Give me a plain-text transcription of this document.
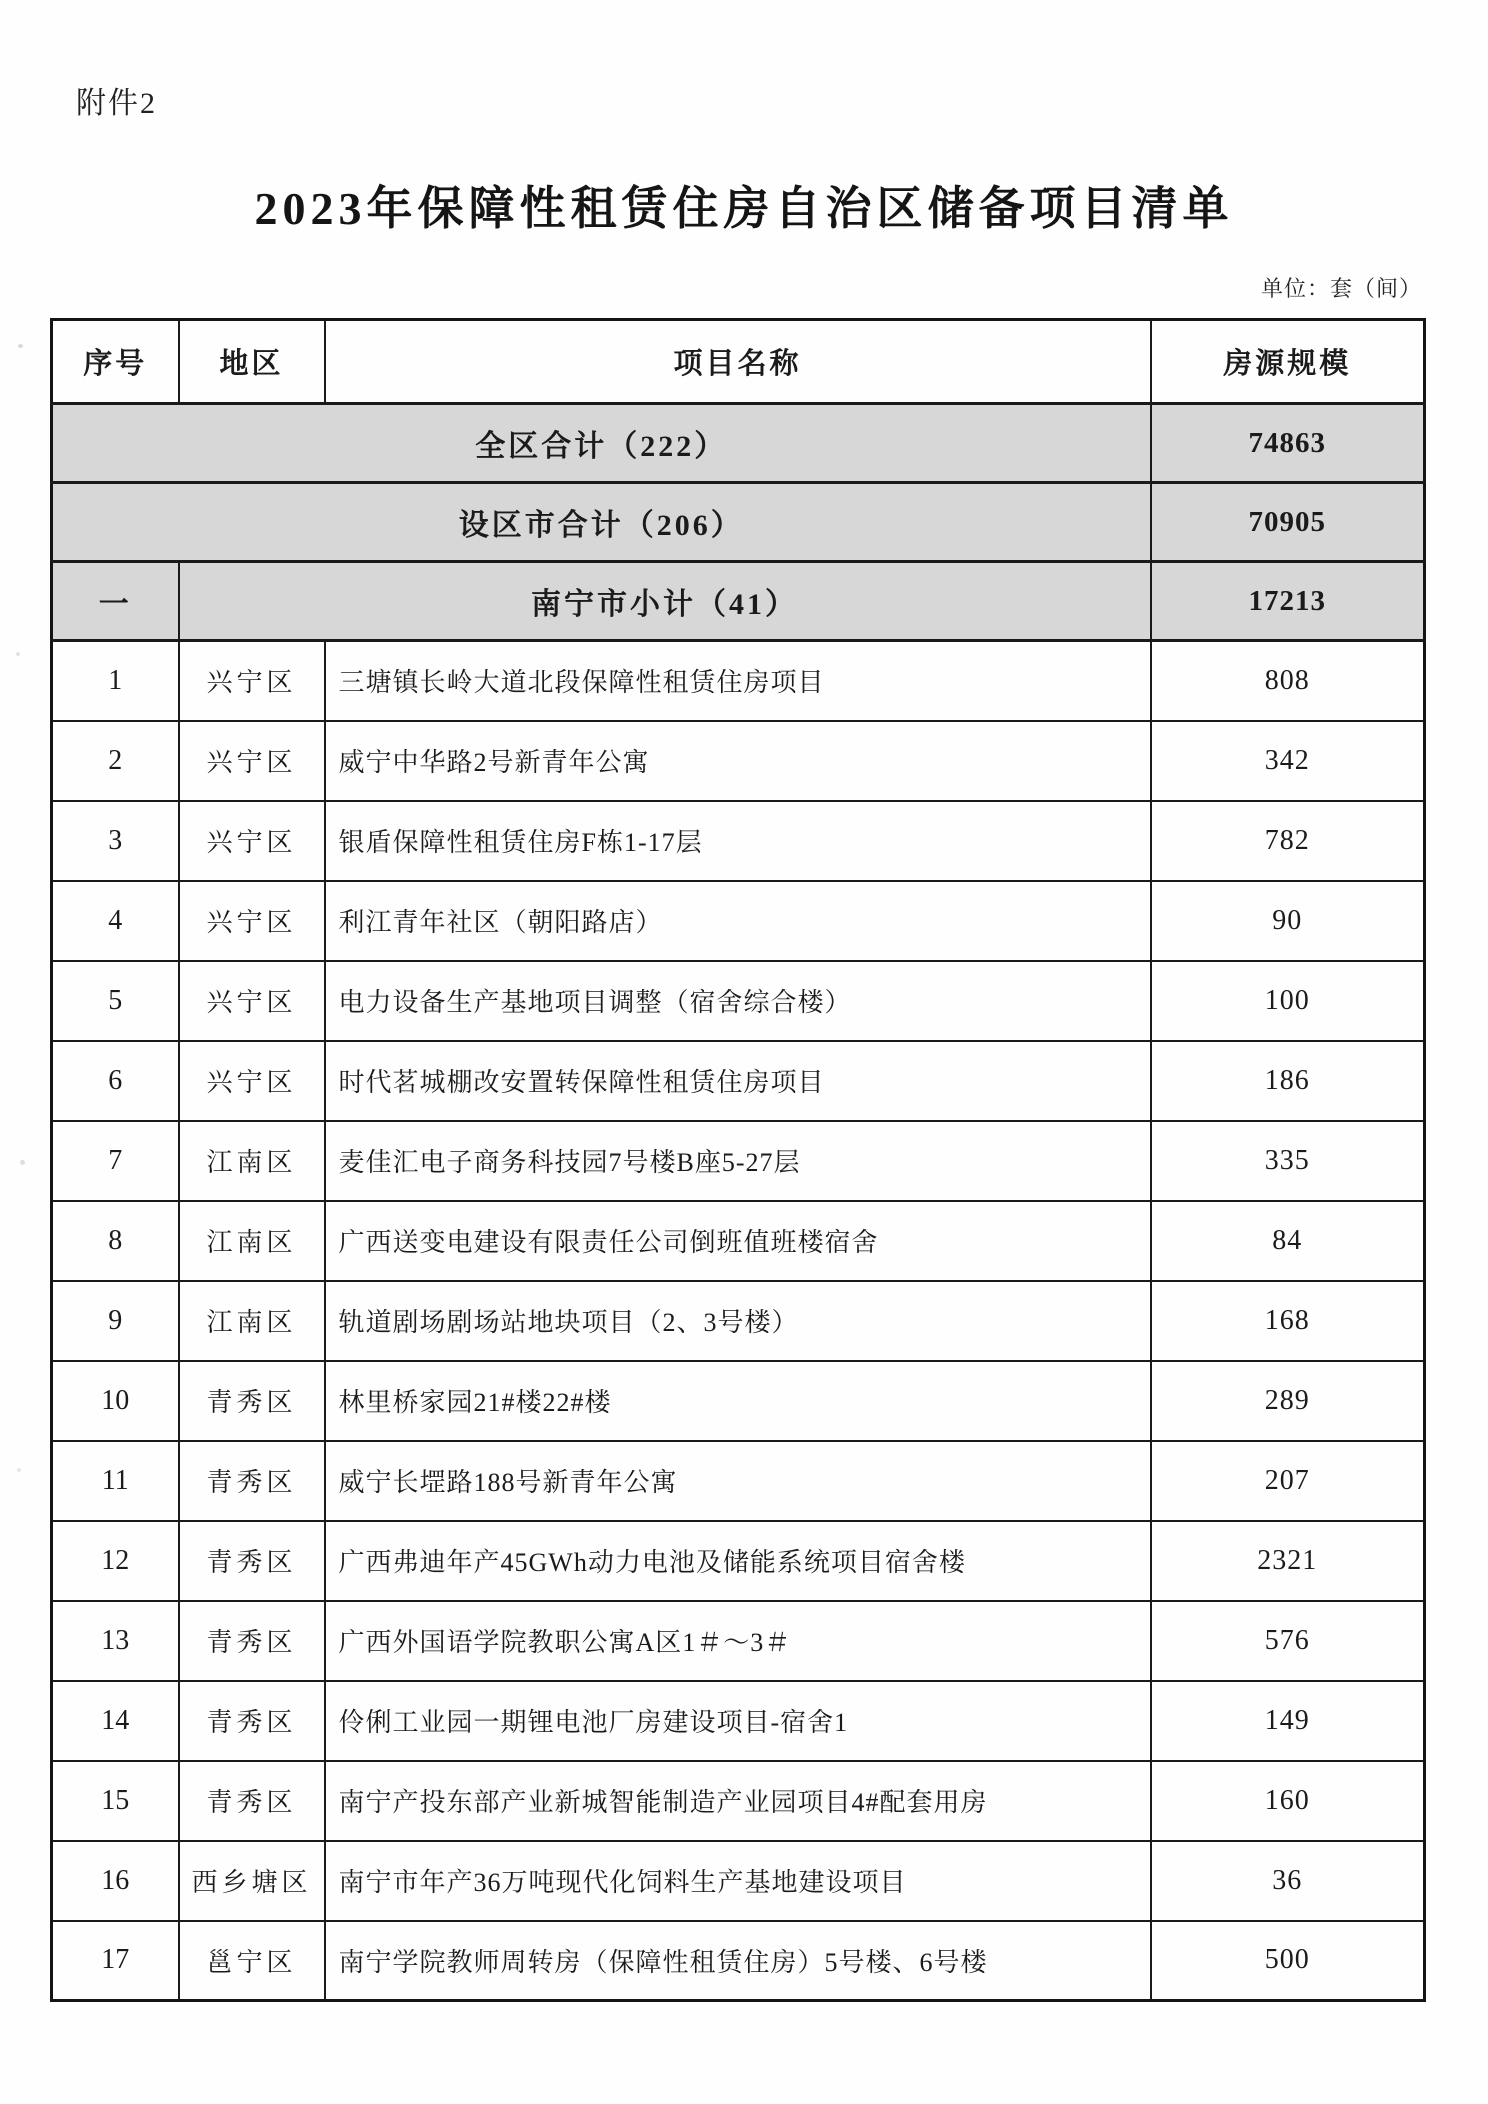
附件2
2023年保障性租赁住房自治区储备项目清单
单位：套（间）
序号	地区	项目名称	房源规模
全区合计（222）			74863
设区市合计（206）			70905
一	南宁市小计（41）		17213
1	兴宁区	三塘镇长岭大道北段保障性租赁住房项目	808
2	兴宁区	威宁中华路2号新青年公寓	342
3	兴宁区	银盾保障性租赁住房F栋1-17层	782
4	兴宁区	利江青年社区（朝阳路店）	90
5	兴宁区	电力设备生产基地项目调整（宿舍综合楼）	100
6	兴宁区	时代茗城棚改安置转保障性租赁住房项目	186
7	江南区	麦佳汇电子商务科技园7号楼B座5-27层	335
8	江南区	广西送变电建设有限责任公司倒班值班楼宿舍	84
9	江南区	轨道剧场剧场站地块项目（2、3号楼）	168
10	青秀区	林里桥家园21#楼22#楼	289
11	青秀区	威宁长堽路188号新青年公寓	207
12	青秀区	广西弗迪年产45GWh动力电池及储能系统项目宿舍楼	2321
13	青秀区	广西外国语学院教职公寓A区1＃～3＃	576
14	青秀区	伶俐工业园一期锂电池厂房建设项目-宿舍1	149
15	青秀区	南宁产投东部产业新城智能制造产业园项目4#配套用房	160
16	西乡塘区	南宁市年产36万吨现代化饲料生产基地建设项目	36
17	邕宁区	南宁学院教师周转房（保障性租赁住房）5号楼、6号楼	500
